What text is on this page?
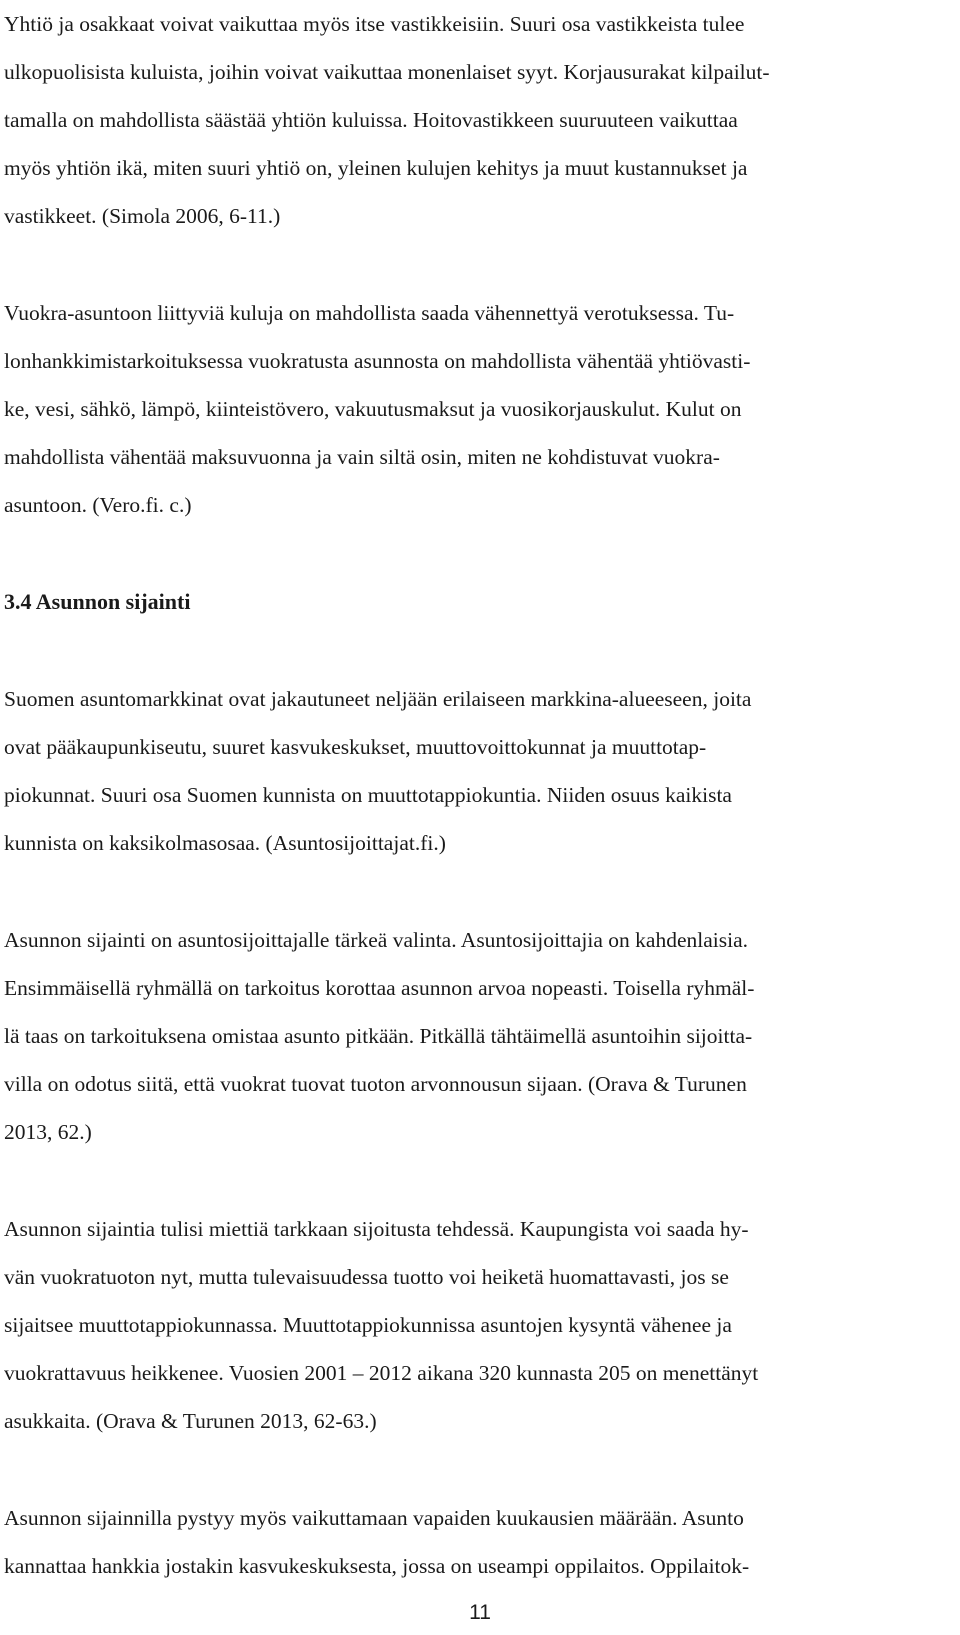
Yhtiö ja osakkaat voivat vaikuttaa myös itse vastikkeisiin. Suuri osa vastikkeista tulee
ulkopuolisista kuluista, joihin voivat vaikuttaa monenlaiset syyt. Korjausurakat kilpailut-
tamalla on mahdollista säästää yhtiön kuluissa. Hoitovastikkeen suuruuteen vaikuttaa
myös yhtiön ikä, miten suuri yhtiö on, yleinen kulujen kehitys ja muut kustannukset ja
vastikkeet. (Simola 2006, 6-11.)
Vuokra-asuntoon liittyviä kuluja on mahdollista saada vähennettyä verotuksessa. Tu-
lonhankkimistarkoituksessa vuokratusta asunnosta on mahdollista vähentää yhtiövasti-
ke, vesi, sähkö, lämpö, kiinteistövero, vakuutusmaksut ja vuosikorjauskulut. Kulut on
mahdollista vähentää maksuvuonna ja vain siltä osin, miten ne kohdistuvat vuokra-
asuntoon. (Vero.fi. c.)
3.4 Asunnon sijainti
Suomen asuntomarkkinat ovat jakautuneet neljään erilaiseen markkina-alueeseen, joita
ovat pääkaupunkiseutu, suuret kasvukeskukset, muuttovoittokunnat ja muuttotap-
piokunnat. Suuri osa Suomen kunnista on muuttotappiokuntia. Niiden osuus kaikista
kunnista on kaksikolmasosaa. (Asuntosijoittajat.fi.)
Asunnon sijainti on asuntosijoittajalle tärkeä valinta. Asuntosijoittajia on kahdenlaisia.
Ensimmäisellä ryhmällä on tarkoitus korottaa asunnon arvoa nopeasti. Toisella ryhmäl-
lä taas on tarkoituksena omistaa asunto pitkään. Pitkällä tähtäimellä asuntoihin sijoitta-
villa on odotus siitä, että vuokrat tuovat tuoton arvonnousun sijaan. (Orava & Turunen
2013, 62.)
Asunnon sijaintia tulisi miettiä tarkkaan sijoitusta tehdessä. Kaupungista voi saada hy-
vän vuokratuoton nyt, mutta tulevaisuudessa tuotto voi heiketä huomattavasti, jos se
sijaitsee muuttotappiokunnassa. Muuttotappiokunnissa asuntojen kysyntä vähenee ja
vuokrattavuus heikkenee. Vuosien 2001 – 2012 aikana 320 kunnasta 205 on menettänyt
asukkaita. (Orava & Turunen 2013, 62-63.)
Asunnon sijainnilla pystyy myös vaikuttamaan vapaiden kuukausien määrään. Asunto
kannattaa hankkia jostakin kasvukeskuksesta, jossa on useampi oppilaitos. Oppilaitok-
11
